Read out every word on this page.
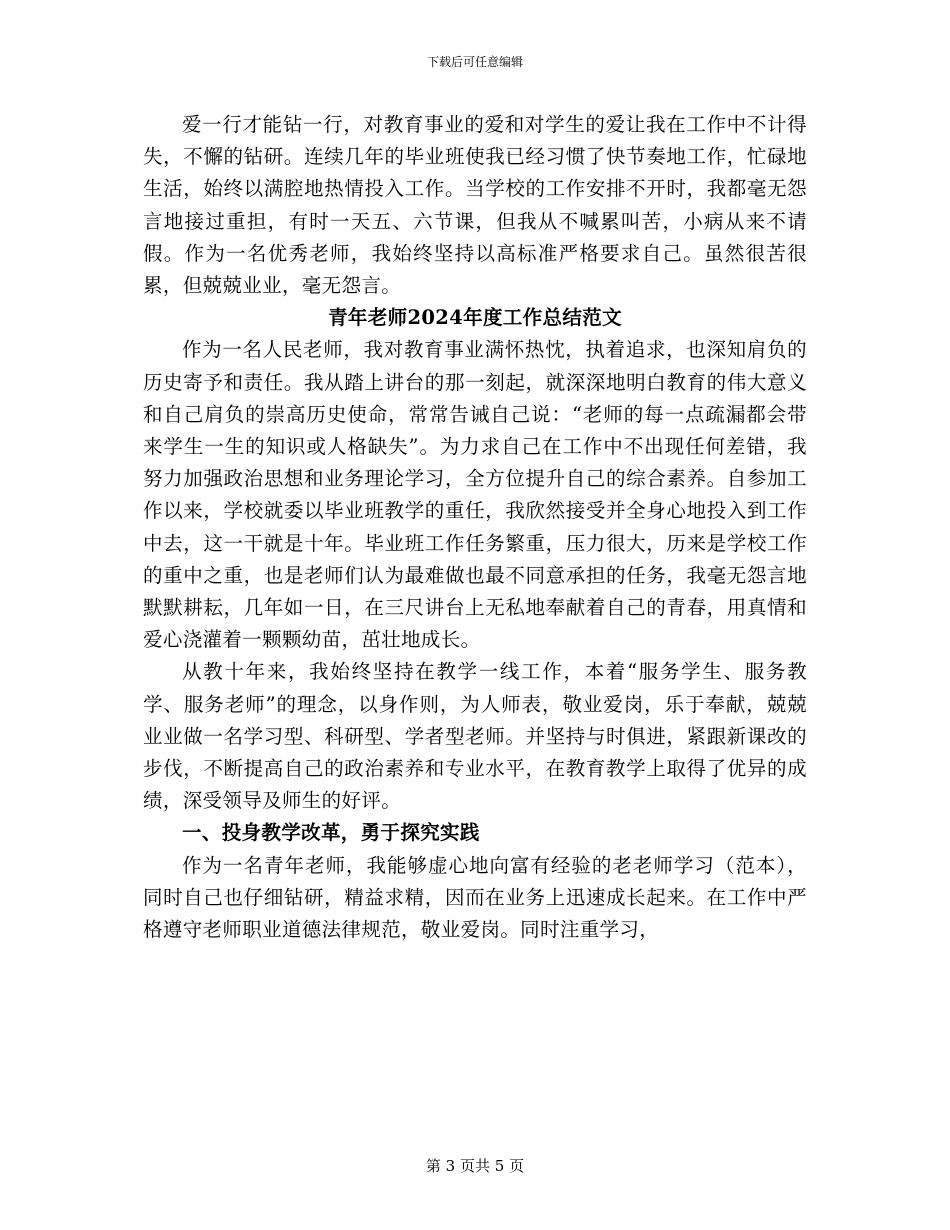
下载后可任意编辑

爱一行才能钻一行，对教育事业的爱和对学生的爱让我在工作中不计得失，不懈的钻研。连续几年的毕业班使我已经习惯了快节奏地工作，忙碌地生活，始终以满腔地热情投入工作。当学校的工作安排不开时，我都毫无怨言地接过重担，有时一天五、六节课，但我从不喊累叫苦，小病从来不请假。作为一名优秀老师，我始终坚持以高标准严格要求自己。虽然很苦很累，但兢兢业业，毫无怨言。

青年老师2024年度工作总结范文

作为一名人民老师，我对教育事业满怀热忱，执着追求，也深知肩负的历史寄予和责任。我从踏上讲台的那一刻起，就深深地明白教育的伟大意义和自己肩负的崇高历史使命，常常告诫自己说：“老师的每一点疏漏都会带来学生一生的知识或人格缺失”。为力求自己在工作中不出现任何差错，我努力加强政治思想和业务理论学习，全方位提升自己的综合素养。自参加工作以来，学校就委以毕业班教学的重任，我欣然接受并全身心地投入到工作中去，这一干就是十年。毕业班工作任务繁重，压力很大，历来是学校工作的重中之重，也是老师们认为最难做也最不同意承担的任务，我毫无怨言地默默耕耘，几年如一日，在三尺讲台上无私地奉献着自己的青春，用真情和爱心浇灌着一颗颗幼苗，茁壮地成长。

从教十年来，我始终坚持在教学一线工作，本着“服务学生、服务教学、服务老师”的理念，以身作则，为人师表，敬业爱岗，乐于奉献，兢兢业业做一名学习型、科研型、学者型老师。并坚持与时俱进，紧跟新课改的步伐，不断提高自己的政治素养和专业水平，在教育教学上取得了优异的成绩，深受领导及师生的好评。

一、投身教学改革，勇于探究实践

作为一名青年老师，我能够虚心地向富有经验的老老师学习（范本），同时自己也仔细钻研，精益求精，因而在业务上迅速成长起来。在工作中严格遵守老师职业道德法律规范，敬业爱岗。同时注重学习，

第 3 页共 5 页
